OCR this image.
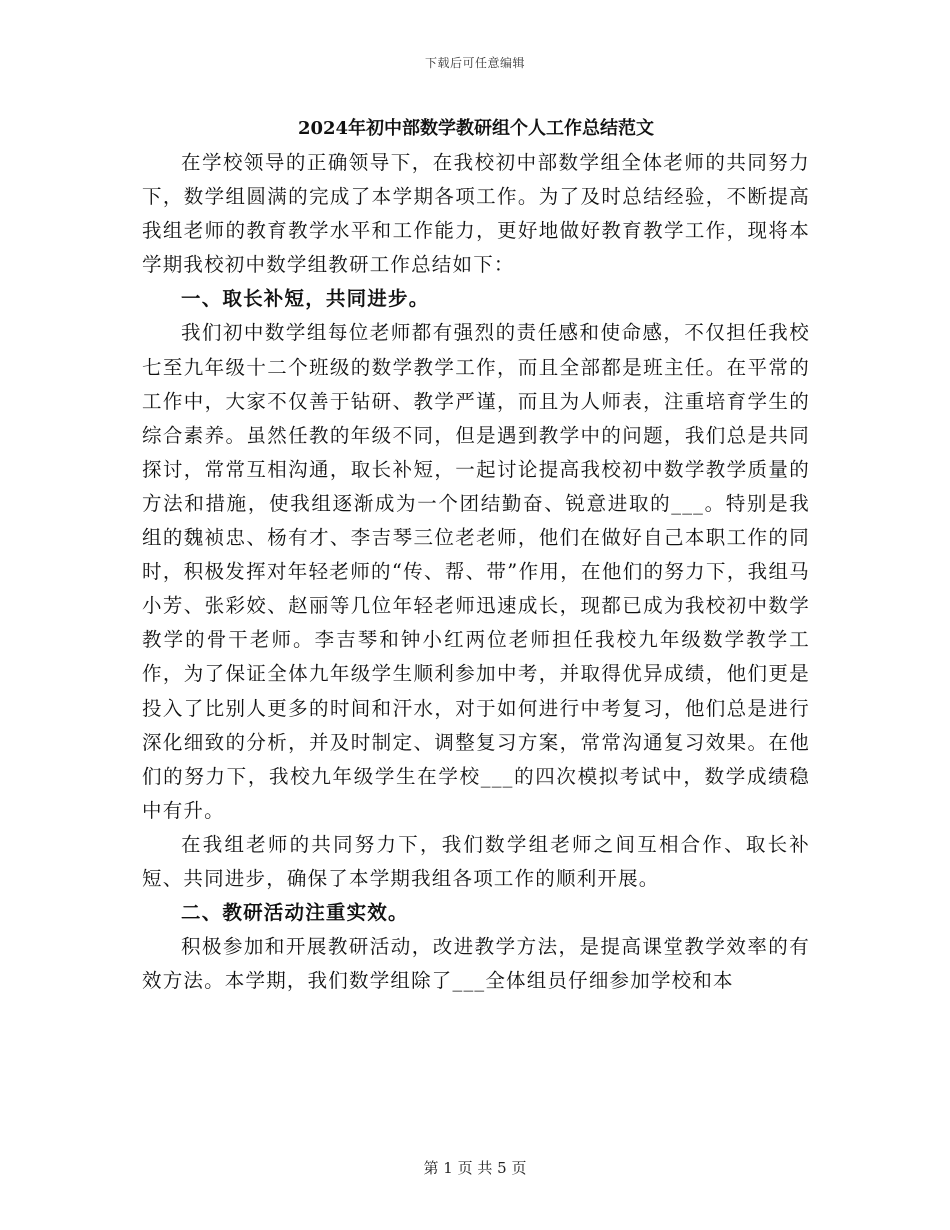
下载后可任意编辑
2024年初中部数学教研组个人工作总结范文

在学校领导的正确领导下，在我校初中部数学组全体老师的共同努力下，数学组圆满的完成了本学期各项工作。为了及时总结经验，不断提高我组老师的教育教学水平和工作能力，更好地做好教育教学工作，现将本学期我校初中数学组教研工作总结如下：

一、取长补短，共同进步。

我们初中数学组每位老师都有强烈的责任感和使命感，不仅担任我校七至九年级十二个班级的数学教学工作，而且全部都是班主任。在平常的工作中，大家不仅善于钻研、教学严谨，而且为人师表，注重培育学生的综合素养。虽然任教的年级不同，但是遇到教学中的问题，我们总是共同探讨，常常互相沟通，取长补短，一起讨论提高我校初中数学教学质量的方法和措施，使我组逐渐成为一个团结勤奋、锐意进取的___。特别是我组的魏祯忠、杨有才、李吉琴三位老老师，他们在做好自己本职工作的同时，积极发挥对年轻老师的“传、帮、带”作用，在他们的努力下，我组马小芳、张彩姣、赵丽等几位年轻老师迅速成长，现都已成为我校初中数学教学的骨干老师。李吉琴和钟小红两位老师担任我校九年级数学教学工作，为了保证全体九年级学生顺利参加中考，并取得优异成绩，他们更是投入了比别人更多的时间和汗水，对于如何进行中考复习，他们总是进行深化细致的分析，并及时制定、调整复习方案，常常沟通复习效果。在他们的努力下，我校九年级学生在学校___的四次模拟考试中，数学成绩稳中有升。

在我组老师的共同努力下，我们数学组老师之间互相合作、取长补短、共同进步，确保了本学期我组各项工作的顺利开展。

二、教研活动注重实效。

积极参加和开展教研活动，改进教学方法，是提高课堂教学效率的有效方法。本学期，我们数学组除了___全体组员仔细参加学校和本

第 1 页 共 5 页
